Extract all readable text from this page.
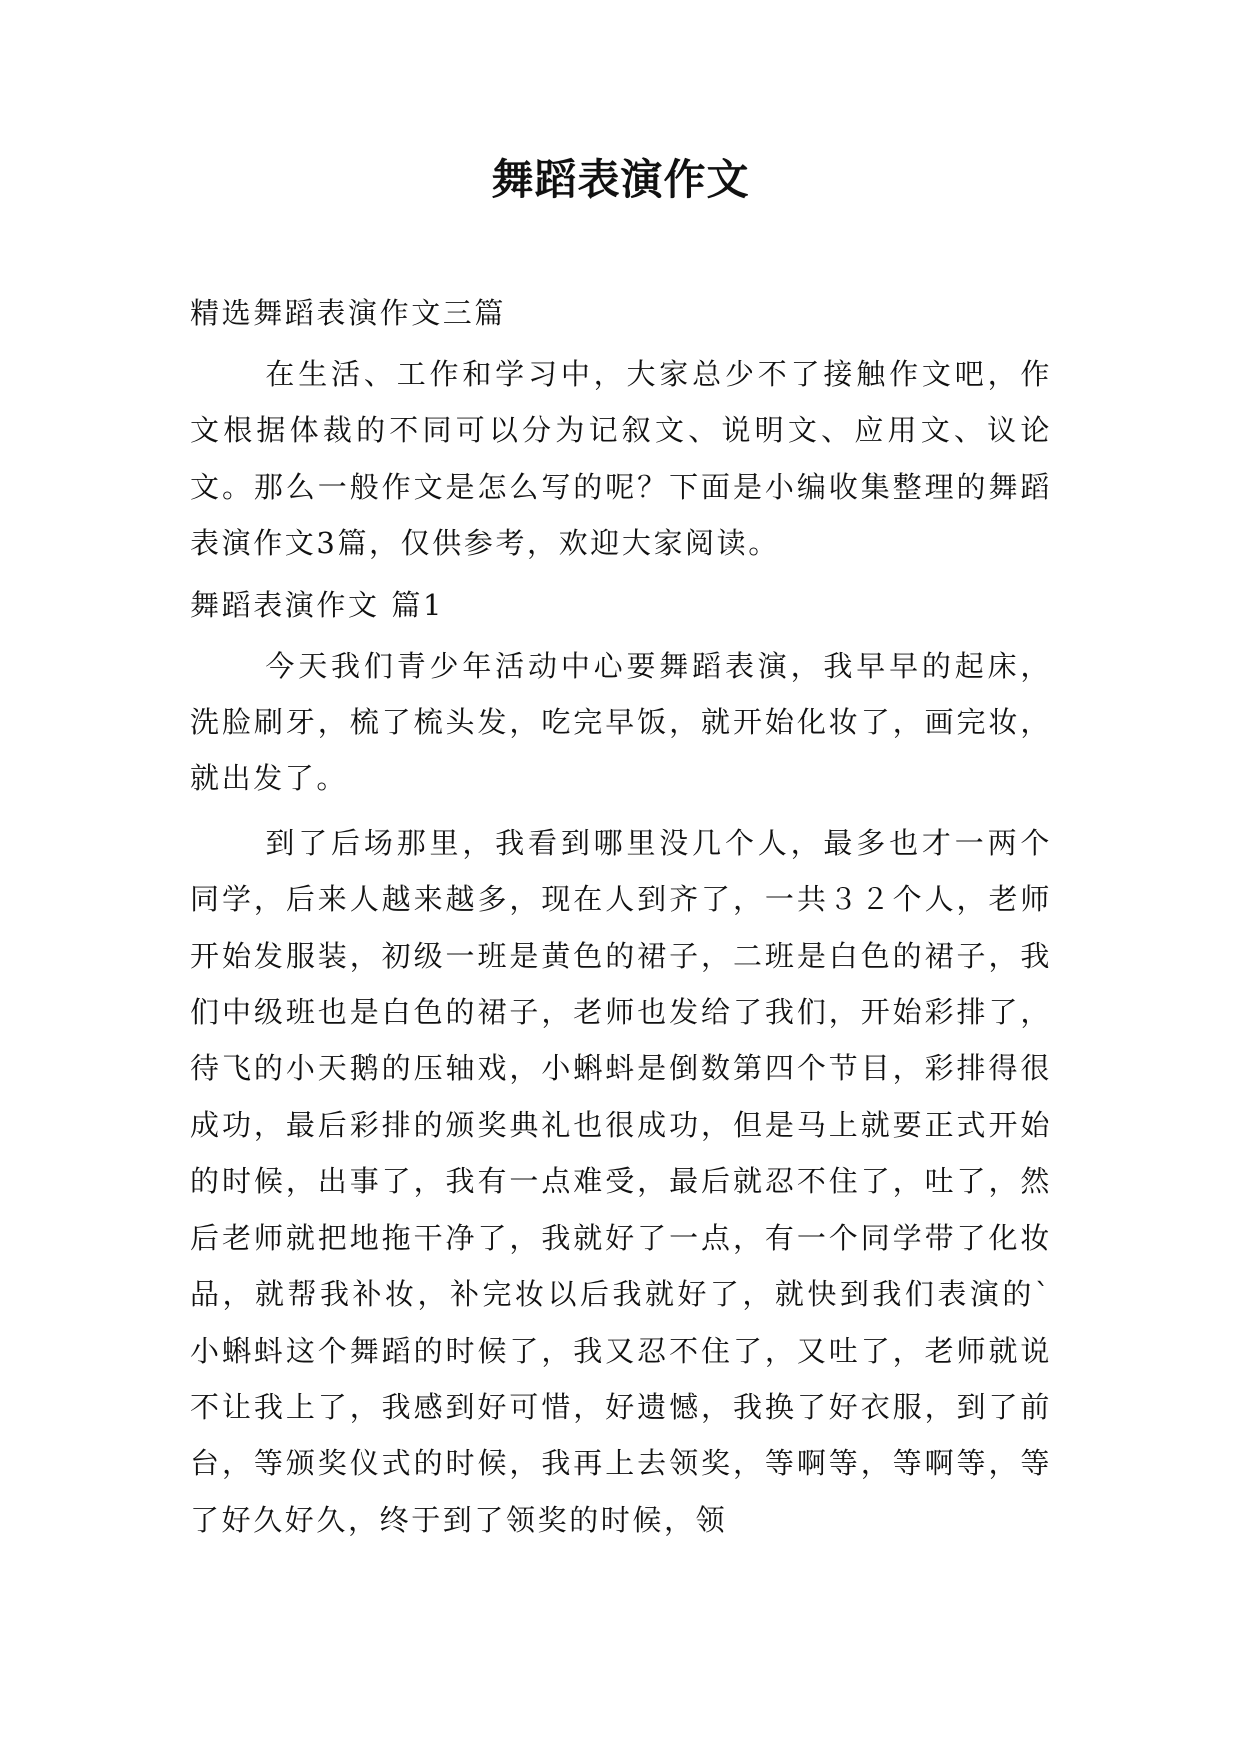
舞蹈表演作文

精选舞蹈表演作文三篇

在生活、工作和学习中，大家总少不了接触作文吧，作文根据体裁的不同可以分为记叙文、说明文、应用文、议论文。那么一般作文是怎么写的呢？下面是小编收集整理的舞蹈表演作文3篇，仅供参考，欢迎大家阅读。

舞蹈表演作文 篇1

今天我们青少年活动中心要舞蹈表演，我早早的起床，洗脸刷牙，梳了梳头发，吃完早饭，就开始化妆了，画完妆，就出发了。

到了后场那里，我看到哪里没几个人，最多也才一两个同学，后来人越来越多，现在人到齐了，一共３２个人，老师开始发服装，初级一班是黄色的裙子，二班是白色的裙子，我们中级班也是白色的裙子，老师也发给了我们，开始彩排了，待飞的小天鹅的压轴戏，小蝌蚪是倒数第四个节目，彩排得很成功，最后彩排的颁奖典礼也很成功，但是马上就要正式开始的时候，出事了，我有一点难受，最后就忍不住了，吐了，然后老师就把地拖干净了，我就好了一点，有一个同学带了化妆品，就帮我补妆，补完妆以后我就好了，就快到我们表演的`小蝌蚪这个舞蹈的时候了，我又忍不住了，又吐了，老师就说不让我上了，我感到好可惜，好遗憾，我换了好衣服，到了前台，等颁奖仪式的时候，我再上去领奖，等啊等，等啊等，等了好久好久，终于到了领奖的时候，领
